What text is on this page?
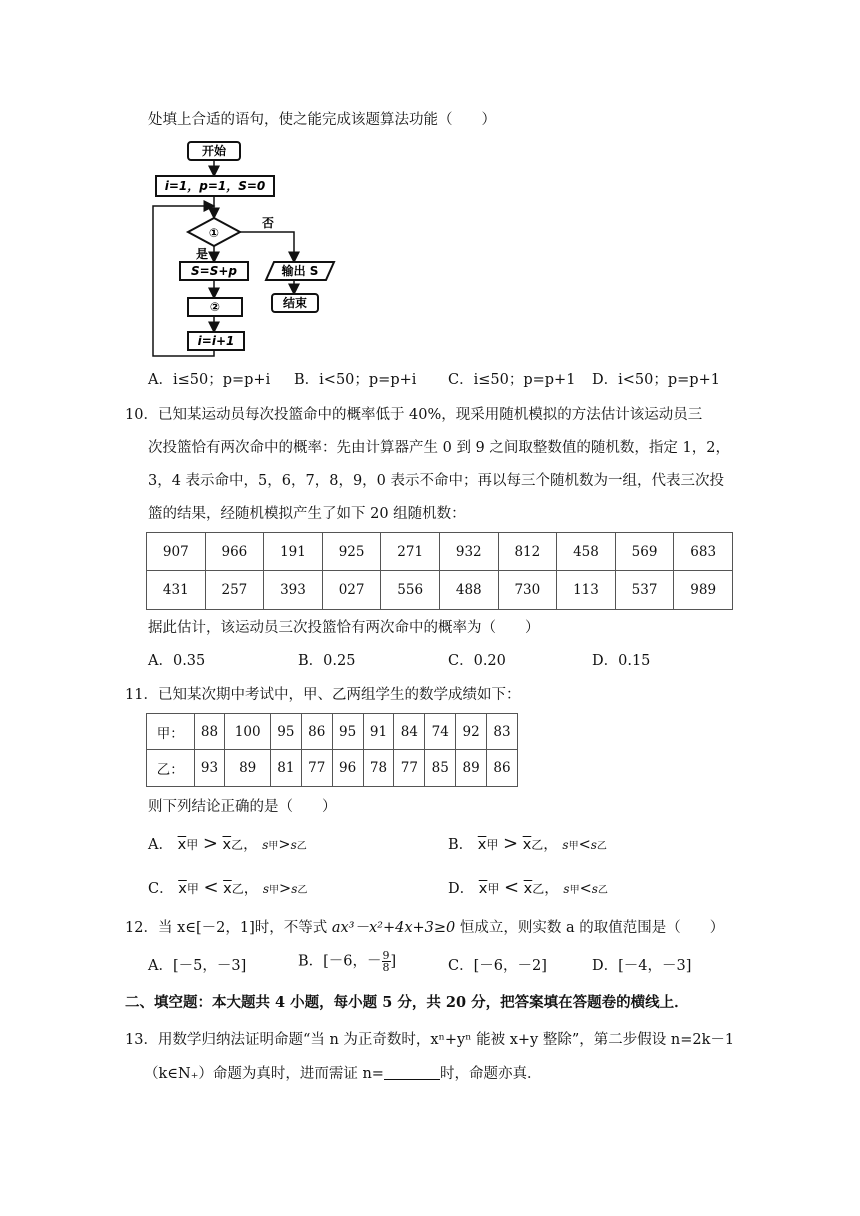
处填上合适的语句，使之能完成该题算法功能（　　）
开始
i=1，p=1，S=0
①
否
输出 S
结束
是
S=S+p
②
i=i+1
A．i≤50；p=p+i B．i<50；p=p+i C．i≤50；p=p+1 D．i<50；p=p+1
10．已知某运动员每次投篮命中的概率低于 40%，现采用随机模拟的方法估计该运动员三
次投篮恰有两次命中的概率：先由计算器产生 0 到 9 之间取整数值的随机数，指定 1，2，
3，4 表示命中，5，6，7，8，9，0 表示不命中；再以每三个随机数为一组，代表三次投
篮的结果，经随机模拟产生了如下 20 组随机数：
907	966	191	925	271	932	812	458	569	683
431	257	393	027	556	488	730	113	537	989
据此估计，该运动员三次投篮恰有两次命中的概率为（　　）
A．0.35	B．0.25	C．0.20	D．0.15
11．已知某次期中考试中，甲、乙两组学生的数学成绩如下：
甲：	88	100	95	86	95	91	84	74	92	83
乙：	93	89	81	77	96	78	77	85	89	86
则下列结论正确的是（　　）
A． $\overline{x}$甲 > $\overline{x}$乙， s甲>s乙	B． $\overline{x}$甲 > $\overline{x}$乙， s甲<s乙
C． $\overline{x}$甲 < $\overline{x}$乙， s甲>s乙	D． $\overline{x}$甲 < $\overline{x}$乙， s甲<s乙
12．当 x∈[－2，1]时，不等式 ax³－x²+4x+3≥0 恒成立，则实数 a 的取值范围是（　　）
A．[－5，－3]	B．[－6，－ $\frac{9}{8}$ ]	C．[－6，－2]	D．[－4，－3]
二、填空题：本大题共 4 小题，每小题 5 分，共 20 分，把答案填在答题卷的横线上．
13．用数学归纳法证明命题“当 n 为正奇数时，xⁿ+yⁿ 能被 x+y 整除”，第二步假设 n=2k－1
（k∈N₊）命题为真时，进而需证 n=	时，命题亦真．
